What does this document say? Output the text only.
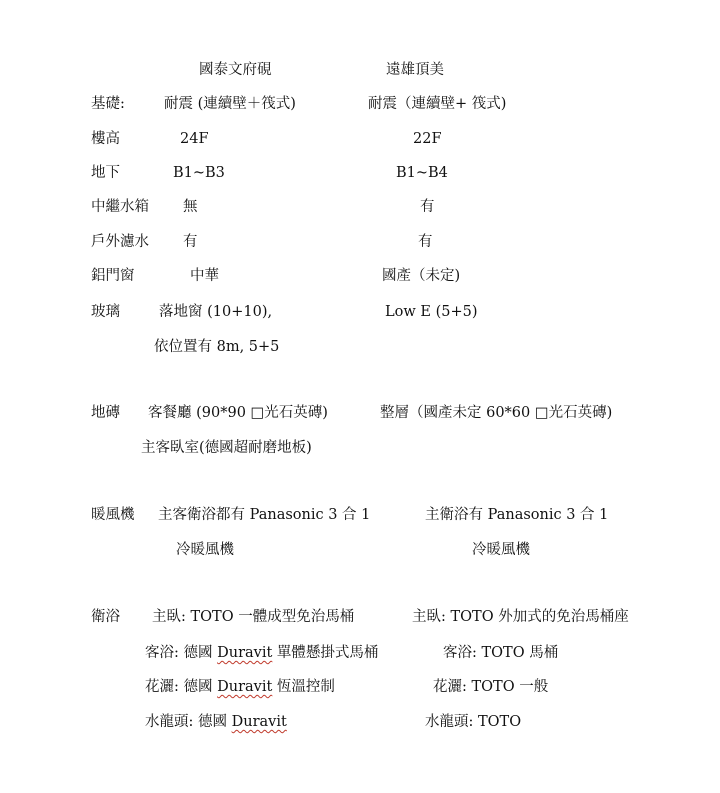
國泰文府硯	遠雄頂美
基礎:	耐震 (連續壁＋筏式)	耐震（連續壁+ 筏式)
樓高	24F	22F
地下	B1~B3	B1~B4
中繼水箱 無	有
戶外濾水 有	有
鋁門窗	中華	國產（未定)
玻璃	落地窗 (10+10),	Low E (5+5)
依位置有 8m, 5+5
地磚 客餐廳 (90*90 □光石英磚)	整層（國產未定 60*60 □光石英磚)
主客臥室(德國超耐磨地板)
暖風機 主客衛浴都有 Panasonic 3 合 1	主衛浴有 Panasonic 3 合 1
冷暖風機	冷暖風機
衛浴 主臥: TOTO 一體成型免治馬桶	主臥: TOTO 外加式的免治馬桶座
客浴: 德國 Duravit 單體懸掛式馬桶	客浴: TOTO 馬桶
花灑: 德國 Duravit 恆溫控制	花灑: TOTO 一般
水龍頭: 德國 Duravit	水龍頭: TOTO
